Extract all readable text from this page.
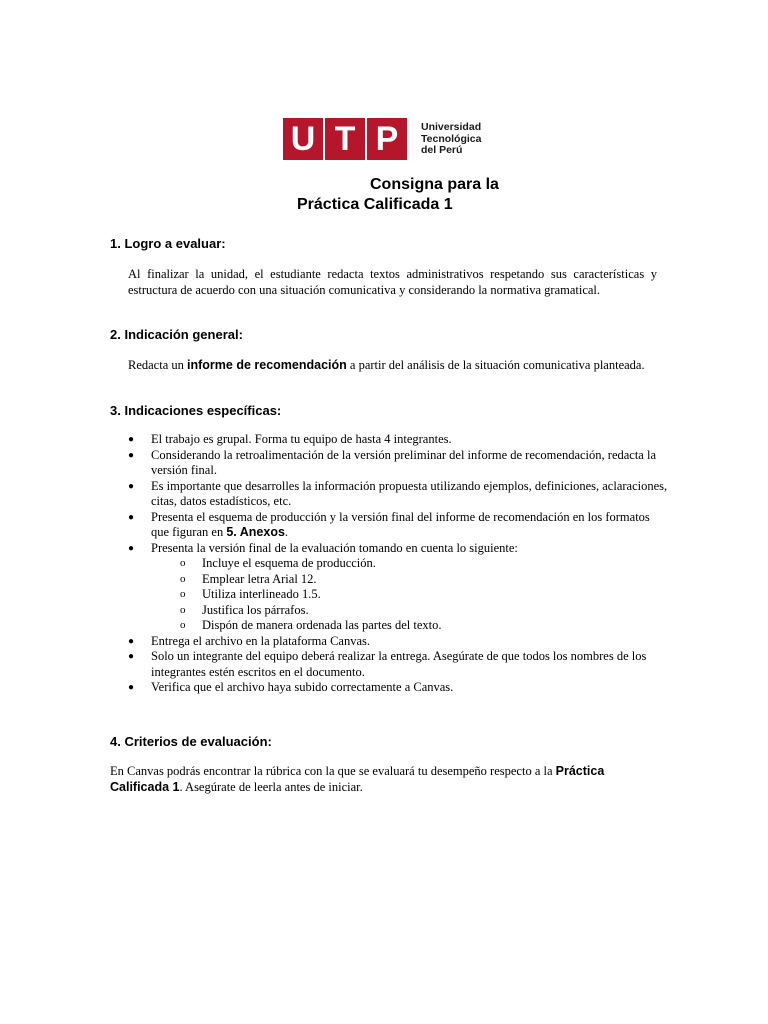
U T P	Universidad
Tecnológica
del Perú
Consigna para la
Práctica Calificada 1
1. Logro a evaluar:
Al finalizar la unidad, el estudiante redacta textos administrativos respetando sus características y estructura de acuerdo con una situación comunicativa y considerando la normativa gramatical.
2. Indicación general:
Redacta un informe de recomendación a partir del análisis de la situación comunicativa planteada.
3. Indicaciones específicas:
● El trabajo es grupal. Forma tu equipo de hasta 4 integrantes.
● Considerando la retroalimentación de la versión preliminar del informe de recomendación, redacta la versión final.
● Es importante que desarrolles la información propuesta utilizando ejemplos, definiciones, aclaraciones, citas, datos estadísticos, etc.
● Presenta el esquema de producción y la versión final del informe de recomendación en los formatos que figuran en 5. Anexos.
● Presenta la versión final de la evaluación tomando en cuenta lo siguiente:
o Incluye el esquema de producción.
o Emplear letra Arial 12.
o Utiliza interlineado 1.5.
o Justifica los párrafos.
o Dispón de manera ordenada las partes del texto.
● Entrega el archivo en la plataforma Canvas.
● Solo un integrante del equipo deberá realizar la entrega. Asegúrate de que todos los nombres de los integrantes estén escritos en el documento.
● Verifica que el archivo haya subido correctamente a Canvas.
4. Criterios de evaluación:
En Canvas podrás encontrar la rúbrica con la que se evaluará tu desempeño respecto a la Práctica Calificada 1. Asegúrate de leerla antes de iniciar.
